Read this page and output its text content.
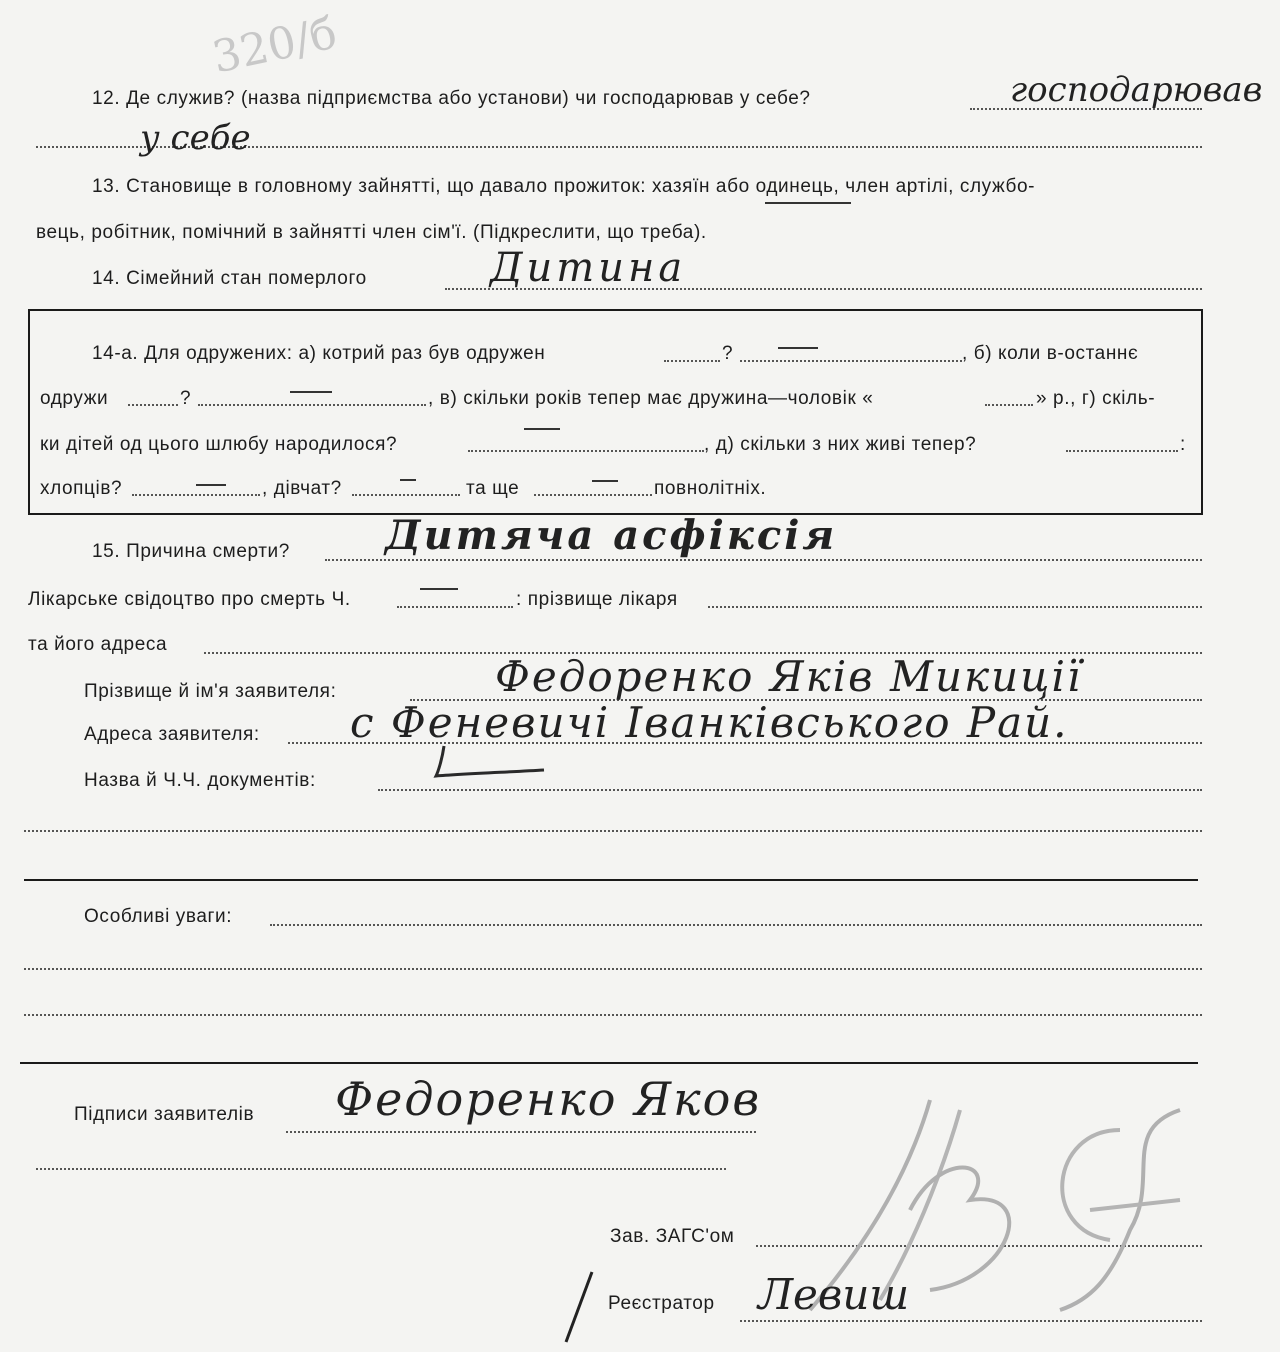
320/б
12. Де служив? (назва підприємства або установи) чи господарював у себе?	господарював
у себе
13. Становище в головному зайнятті, що давало прожиток: хазяїн або одинець, член артілі, службо-
вець, робітник, помічний в зайнятті член сім'ї. (Підкреслити, що треба).
14. Сімейний стан померлого	Дитина
14-а. Для одружених: а) котрий раз був одружен	?	, б) коли в-останнє
одружи	?	, в) скільки років тепер має дружина—чоловік «	» р., г) скіль-
ки дітей од цього шлюбу народилося?	, д) скільки з них живі тепер?	:
хлопців?	, дівчат?	та ще	повнолітніх.
15. Причина смерти? Дитяча асфіксія
Лікарське свідоцтво про смерть Ч.	: прізвище лікаря
та його адреса
Прізвище й ім'я заявителя:	Федоренко Яків Микиції
Адреса заявителя: с Феневичі Іванківського Рай.
Назва й Ч.Ч. документів:
Особливі уваги:
Підписи заявителів Федоренко Яков
Зав. ЗАГС'ом
Реєстратор Левиш
